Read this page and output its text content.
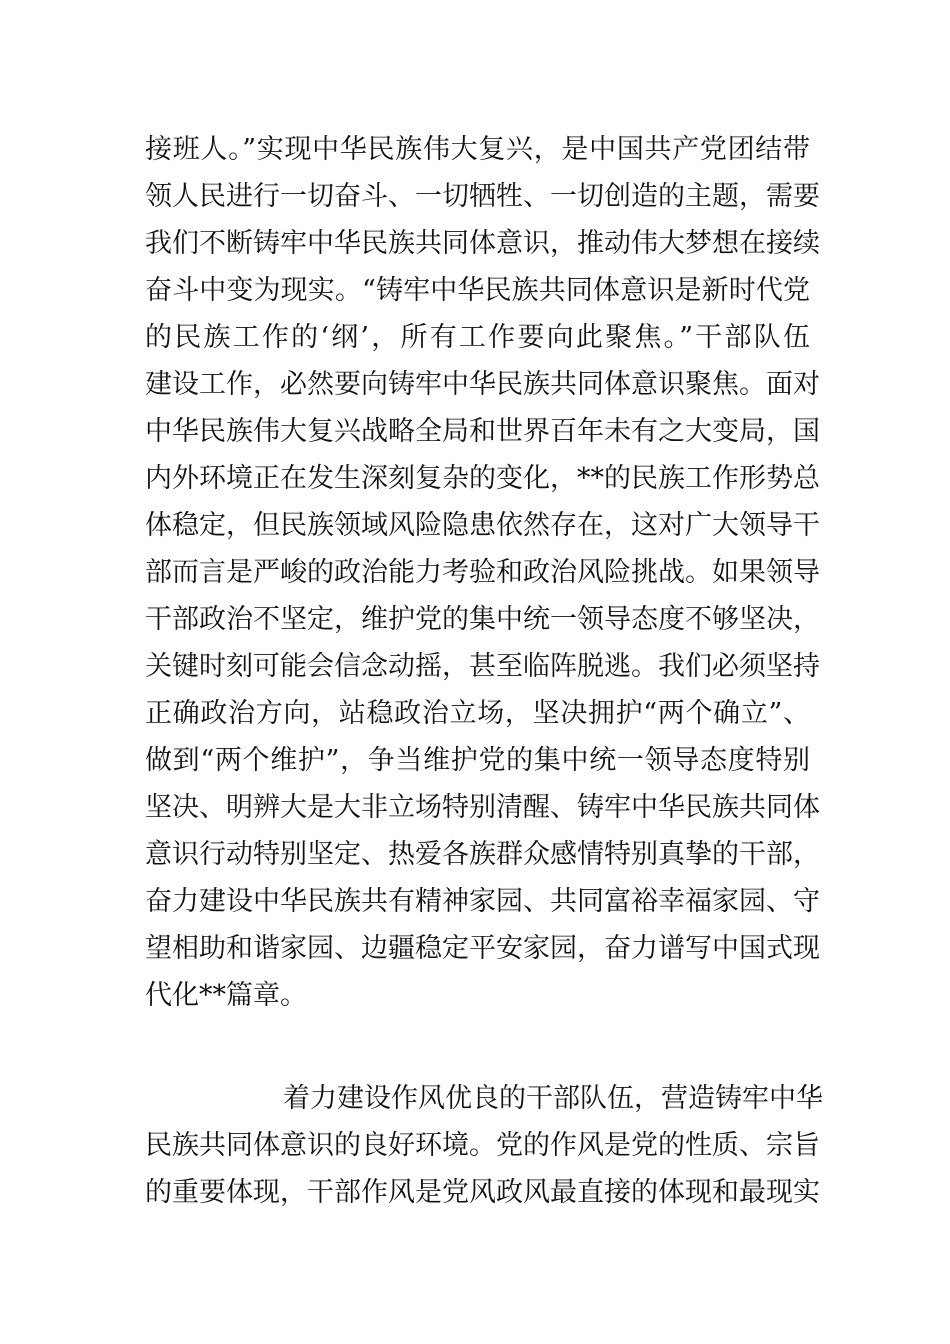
接班人。”实现中华民族伟大复兴，是中国共产党团结带
领人民进行一切奋斗、一切牺牲、一切创造的主题，需要
我们不断铸牢中华民族共同体意识，推动伟大梦想在接续
奋斗中变为现实。“铸牢中华民族共同体意识是新时代党
的民族工作的‘纲’，所有工作要向此聚焦。”干部队伍
建设工作，必然要向铸牢中华民族共同体意识聚焦。面对
中华民族伟大复兴战略全局和世界百年未有之大变局，国
内外环境正在发生深刻复杂的变化，**的民族工作形势总
体稳定，但民族领域风险隐患依然存在，这对广大领导干
部而言是严峻的政治能力考验和政治风险挑战。如果领导
干部政治不坚定，维护党的集中统一领导态度不够坚决，
关键时刻可能会信念动摇，甚至临阵脱逃。我们必须坚持
正确政治方向，站稳政治立场，坚决拥护“两个确立”、
做到“两个维护”，争当维护党的集中统一领导态度特别
坚决、明辨大是大非立场特别清醒、铸牢中华民族共同体
意识行动特别坚定、热爱各族群众感情特别真挚的干部，
奋力建设中华民族共有精神家园、共同富裕幸福家园、守
望相助和谐家园、边疆稳定平安家园，奋力谱写中国式现
代化**篇章。
着力建设作风优良的干部队伍，营造铸牢中华
民族共同体意识的良好环境。党的作风是党的性质、宗旨
的重要体现，干部作风是党风政风最直接的体现和最现实
